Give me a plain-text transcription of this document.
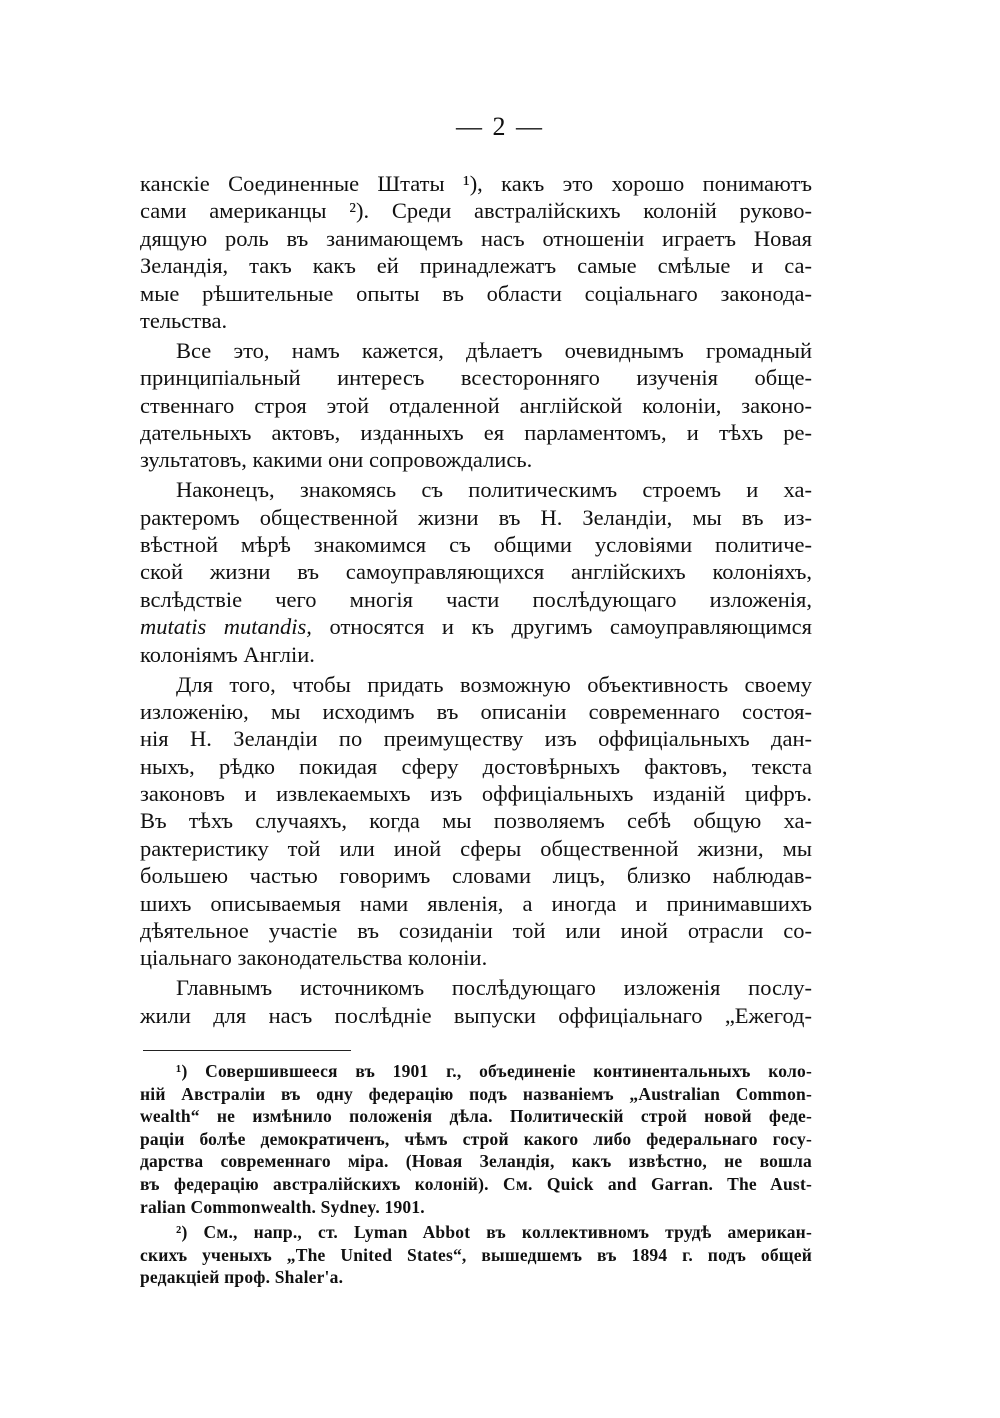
— 2 —
канскіе Соединенные Штаты ¹), какъ это хорошо понимаютъ
сами американцы ²). Среди австралійскихъ колоній руково-
дящую роль въ занимающемъ насъ отношеніи играетъ Новая
Зеландія, такъ какъ ей принадлежатъ самые смѣлые и са-
мые рѣшительные опыты въ области соціальнаго законода-
тельства.
Все это, намъ кажется, дѣлаетъ очевиднымъ громадный
принципіальный интересъ всесторонняго изученія обще-
ственнаго строя этой отдаленной англійской колоніи, законо-
дательныхъ актовъ, изданныхъ ея парламентомъ, и тѣхъ ре-
зультатовъ, какими они сопровождались.
Наконецъ, знакомясь съ политическимъ строемъ и ха-
рактеромъ общественной жизни въ Н. Зеландіи, мы въ из-
вѣстной мѣрѣ знакомимся съ общими условіями политиче-
ской жизни въ самоуправляющихся англійскихъ колоніяхъ,
вслѣдствіе чего многія части послѣдующаго изложенія,
mutatis mutandis, отнoсятся и къ другимъ самоуправляющимся
колоніямъ Англіи.
Для того, чтобы придать возможную объективность своему
изложенію, мы исходимъ въ описаніи современнаго состоя-
нія Н. Зеландіи по преимуществу изъ оффиціальныхъ дан-
ныхъ, рѣдко покидая сферу достовѣрныхъ фактовъ, текста
законовъ и извлекаемыхъ изъ оффиціальныхъ изданій цифръ.
Въ тѣхъ случаяхъ, когда мы позволяемъ себѣ общую ха-
рактеристику той или иной сферы общественной жизни, мы
большею частью говоримъ словами лицъ, близко наблюдав-
шихъ описываемыя нами явленія, а иногда и принимавшихъ
дѣятельное участіе въ созиданіи той или иной отрасли со-
ціальнаго законодательства колоніи.
Главнымъ источникомъ послѣдующаго изложенія послу-
жили для насъ послѣдніе выпуски оффиціальнаго „Ежегод-
¹) Совершившееся въ 1901 г., объединеніе континентальныхъ коло-
ній Австраліи въ одну федерацію подъ названіемъ „Australian Common-
wealth“ не измѣнило положенія дѣла. Политическій строй новой феде-
раціи болѣе демократиченъ, чѣмъ строй какого либо федеральнаго госу-
дарства современнаго міра. (Новая Зеландія, какъ извѣстно, не вошла
въ федерацію австралійскихъ колоній). См. Quick and Garran. The Aust-
ralian Commonwealth. Sydney. 1901.
²) См., напр., ст. Lyman Abbot въ коллективномъ трудѣ американ-
скихъ ученыхъ „The United States“, вышедшемъ въ 1894 г. подъ общей
редакціей проф. Shaler'а.
